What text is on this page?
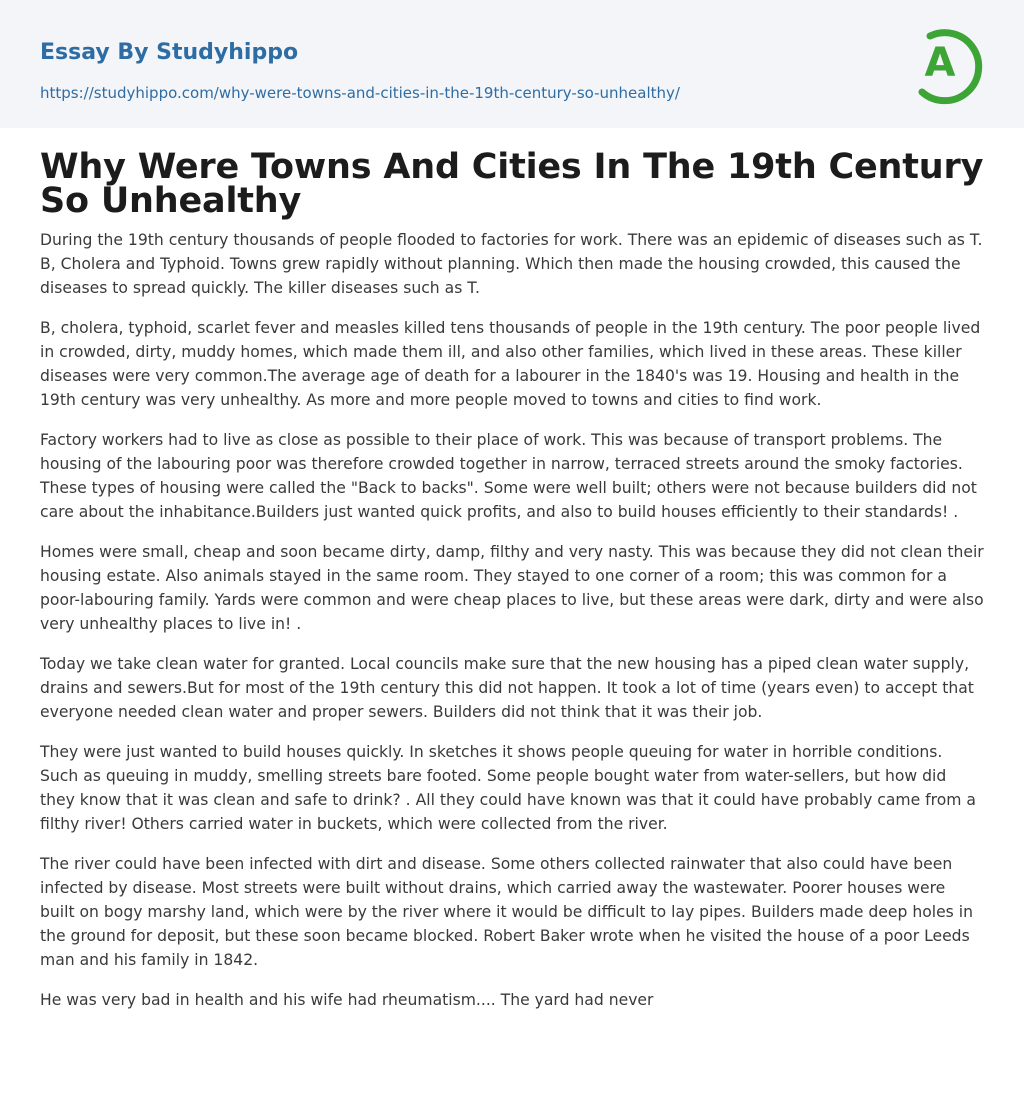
Essay By Studyhippo
https://studyhippo.com/why-were-towns-and-cities-in-the-19th-century-so-unhealthy/
A
Why Were Towns And Cities In The 19th Century So Unhealthy

During the 19th century thousands of people flooded to factories for work. There was an epidemic of diseases such as T. B, Cholera and Typhoid. Towns grew rapidly without planning. Which then made the housing crowded, this caused the diseases to spread quickly. The killer diseases such as T.

B, cholera, typhoid, scarlet fever and measles killed tens thousands of people in the 19th century. The poor people lived in crowded, dirty, muddy homes, which made them ill, and also other families, which lived in these areas. These killer diseases were very common.The average age of death for a labourer in the 1840's was 19. Housing and health in the 19th century was very unhealthy. As more and more people moved to towns and cities to find work.

Factory workers had to live as close as possible to their place of work. This was because of transport problems. The housing of the labouring poor was therefore crowded together in narrow, terraced streets around the smoky factories. These types of housing were called the "Back to backs". Some were well built; others were not because builders did not care about the inhabitance.Builders just wanted quick profits, and also to build houses efficiently to their standards! .

Homes were small, cheap and soon became dirty, damp, filthy and very nasty. This was because they did not clean their housing estate. Also animals stayed in the same room. They stayed to one corner of a room; this was common for a poor-labouring family. Yards were common and were cheap places to live, but these areas were dark, dirty and were also very unhealthy places to live in! .

Today we take clean water for granted. Local councils make sure that the new housing has a piped clean water supply, drains and sewers.But for most of the 19th century this did not happen. It took a lot of time (years even) to accept that everyone needed clean water and proper sewers. Builders did not think that it was their job.

They were just wanted to build houses quickly. In sketches it shows people queuing for water in horrible conditions. Such as queuing in muddy, smelling streets bare footed. Some people bought water from water-sellers, but how did they know that it was clean and safe to drink? . All they could have known was that it could have probably came from a filthy river! Others carried water in buckets, which were collected from the river.

The river could have been infected with dirt and disease. Some others collected rainwater that also could have been infected by disease. Most streets were built without drains, which carried away the wastewater. Poorer houses were built on bogy marshy land, which were by the river where it would be difficult to lay pipes. Builders made deep holes in the ground for deposit, but these soon became blocked. Robert Baker wrote when he visited the house of a poor Leeds man and his family in 1842.

He was very bad in health and his wife had rheumatism.... The yard had never
